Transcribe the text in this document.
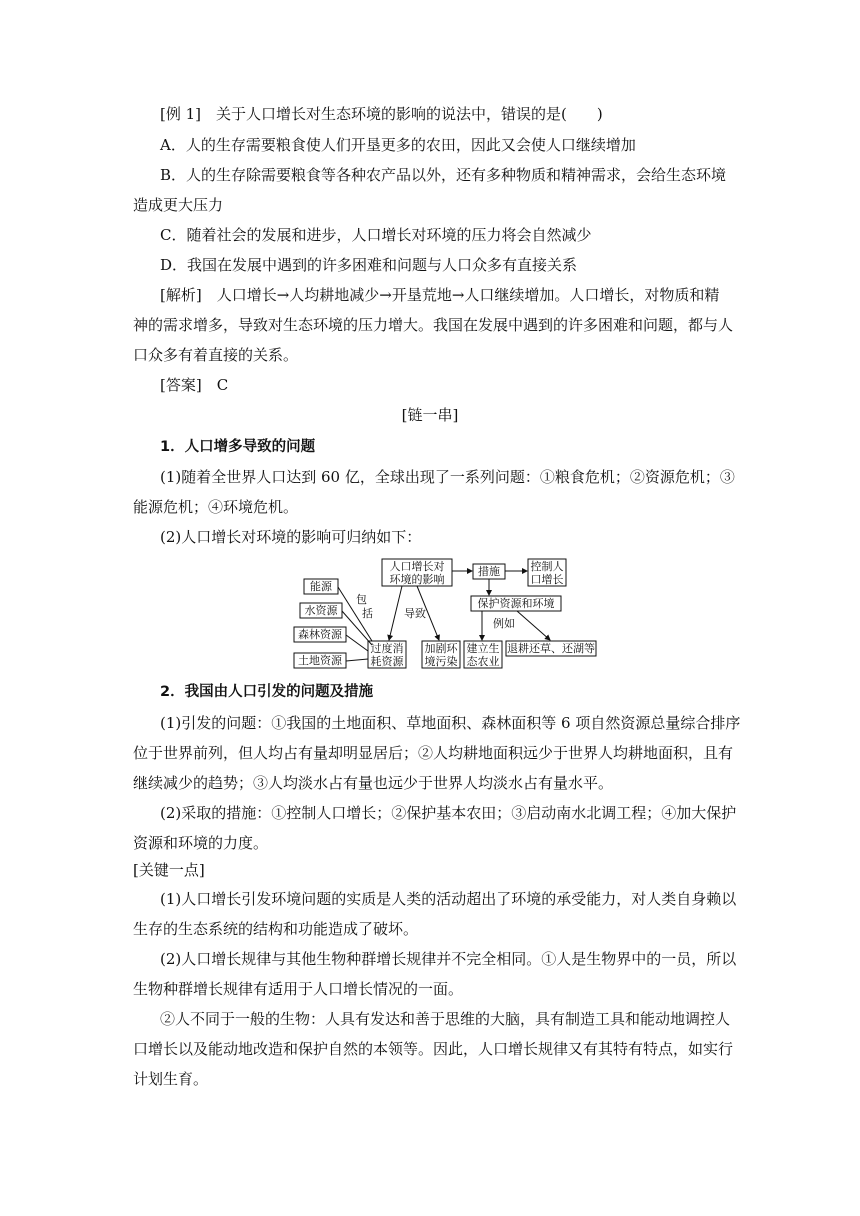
[例 1]　关于人口增长对生态环境的影响的说法中，错误的是(　　)
A．人的生存需要粮食使人们开垦更多的农田，因此又会使人口继续增加
B．人的生存除需要粮食等各种农产品以外，还有多种物质和精神需求，会给生态环境
造成更大压力
C．随着社会的发展和进步，人口增长对环境的压力将会自然减少
D．我国在发展中遇到的许多困难和问题与人口众多有直接关系
[解析]　人口增长→人均耕地减少→开垦荒地→人口继续增加。人口增长，对物质和精
神的需求增多，导致对生态环境的压力增大。我国在发展中遇到的许多困难和问题，都与人
口众多有着直接的关系。
[答案]　C
[链一串]
1．人口增多导致的问题
(1)随着全世界人口达到 60 亿，全球出现了一系列问题：①粮食危机；②资源危机；③
能源危机；④环境危机。
(2)人口增长对环境的影响可归纳如下：
人口增长对
环境的影响
措施	控制人
口增长
保护资源和环境
例如
包
括	导致
能源
水资源
森林资源
土地资源
过度消
耗资源
加剧环
境污染
建立生
态农业
退耕还草、还湖等
2．我国由人口引发的问题及措施
(1)引发的问题：①我国的土地面积、草地面积、森林面积等 6 项自然资源总量综合排序
位于世界前列，但人均占有量却明显居后；②人均耕地面积远少于世界人均耕地面积，且有
继续减少的趋势；③人均淡水占有量也远少于世界人均淡水占有量水平。
(2)采取的措施：①控制人口增长；②保护基本农田；③启动南水北调工程；④加大保护
资源和环境的力度。
[关键一点]
(1)人口增长引发环境问题的实质是人类的活动超出了环境的承受能力，对人类自身赖以
生存的生态系统的结构和功能造成了破坏。
(2)人口增长规律与其他生物种群增长规律并不完全相同。①人是生物界中的一员，所以
生物种群增长规律有适用于人口增长情况的一面。
②人不同于一般的生物：人具有发达和善于思维的大脑，具有制造工具和能动地调控人
口增长以及能动地改造和保护自然的本领等。因此，人口增长规律又有其特有特点，如实行
计划生育。
